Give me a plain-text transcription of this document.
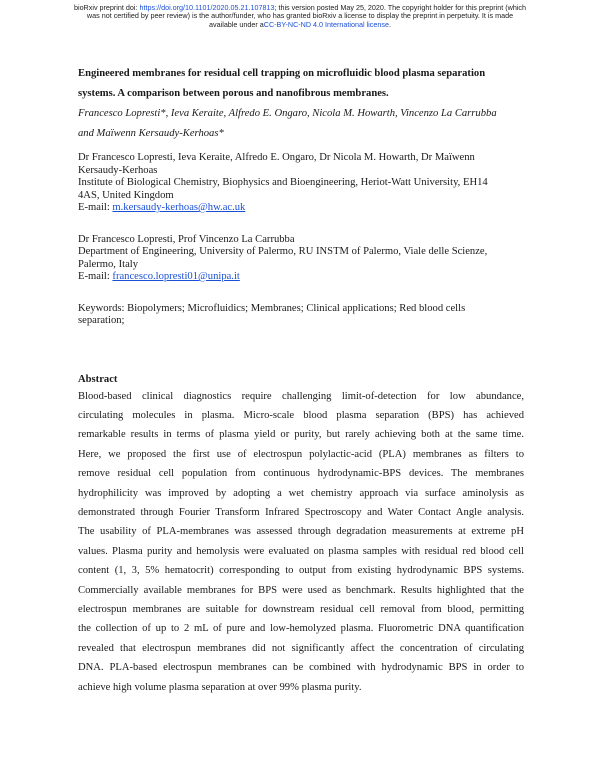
bioRxiv preprint doi: https://doi.org/10.1101/2020.05.21.107813; this version posted May 25, 2020. The copyright holder for this preprint (which
was not certified by peer review) is the author/funder, who has granted bioRxiv a license to display the preprint in perpetuity. It is made
available under aCC-BY-NC-ND 4.0 International license.

Engineered membranes for residual cell trapping on microfluidic blood plasma separation

systems. A comparison between porous and nanofibrous membranes.

Francesco Lopresti*, Ieva Keraite, Alfredo E. Ongaro, Nicola M. Howarth, Vincenzo La Carrubba

and Maïwenn Kersaudy-Kerhoas*

Dr Francesco Lopresti, Ieva Keraite, Alfredo E. Ongaro, Dr Nicola M. Howarth, Dr Maïwenn

Kersaudy-Kerhoas

Institute of Biological Chemistry, Biophysics and Bioengineering, Heriot-Watt University, EH14

4AS, United Kingdom

E-mail: m.kersaudy-kerhoas@hw.ac.uk

Dr Francesco Lopresti, Prof Vincenzo La Carrubba

Department of Engineering, University of Palermo, RU INSTM of Palermo, Viale delle Scienze,

Palermo, Italy

E-mail: francesco.lopresti01@unipa.it

Keywords: Biopolymers; Microfluidics; Membranes; Clinical applications; Red blood cells

separation;

Abstract

Blood-based clinical diagnostics require challenging limit-of-detection for low abundance,
circulating molecules in plasma. Micro-scale blood plasma separation (BPS) has achieved
remarkable results in terms of plasma yield or purity, but rarely achieving both at the same time.
Here, we proposed the first use of electrospun polylactic-acid (PLA) membranes as filters to
remove residual cell population from continuous hydrodynamic-BPS devices. The membranes
hydrophilicity was improved by adopting a wet chemistry approach via surface aminolysis as
demonstrated through Fourier Transform Infrared Spectroscopy and Water Contact Angle analysis.
The usability of PLA-membranes was assessed through degradation measurements at extreme pH
values. Plasma purity and hemolysis were evaluated on plasma samples with residual red blood cell
content (1, 3, 5% hematocrit) corresponding to output from existing hydrodynamic BPS systems.
Commercially available membranes for BPS were used as benchmark. Results highlighted that the
electrospun membranes are suitable for downstream residual cell removal from blood, permitting
the collection of up to 2 mL of pure and low-hemolyzed plasma. Fluorometric DNA quantification
revealed that electrospun membranes did not significantly affect the concentration of circulating
DNA. PLA-based electrospun membranes can be combined with hydrodynamic BPS in order to
achieve high volume plasma separation at over 99% plasma purity.
